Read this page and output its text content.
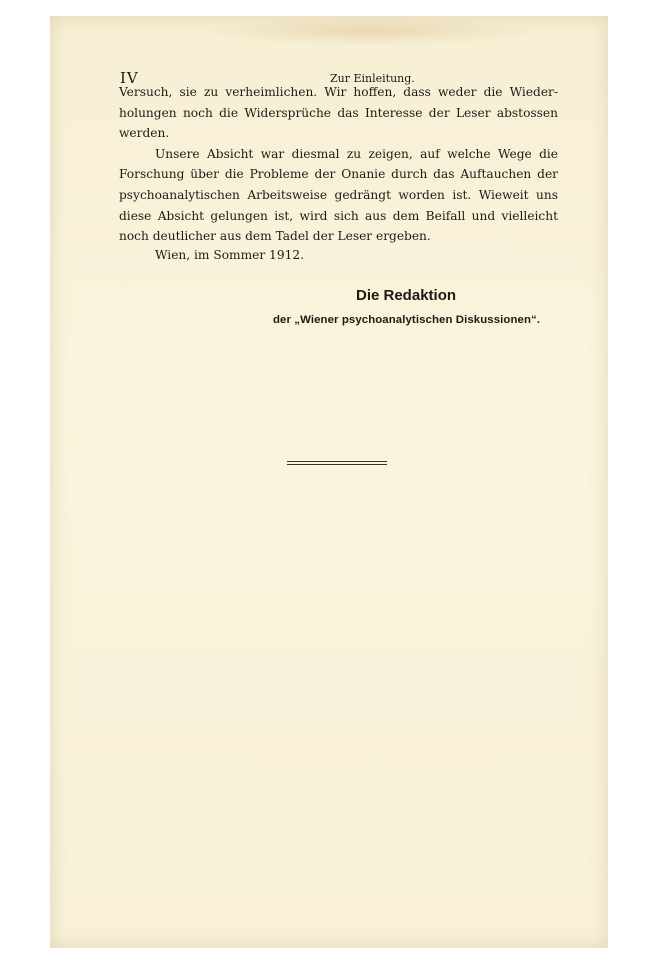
IV	Zur Einleitung.
Versuch, sie zu verheimlichen. Wir hoffen, dass weder die Wieder-
holungen noch die Widersprüche das Interesse der Leser abstossen
werden.
Unsere Absicht war diesmal zu zeigen, auf welche Wege die
Forschung über die Probleme der Onanie durch das Auftauchen der
psychoanalytischen Arbeitsweise gedrängt worden ist. Wieweit uns
diese Absicht gelungen ist, wird sich aus dem Beifall und vielleicht
noch deutlicher aus dem Tadel der Leser ergeben.
Wien, im Sommer 1912.
Die Redaktion
der „Wiener psychoanalytischen Diskussionen“.
